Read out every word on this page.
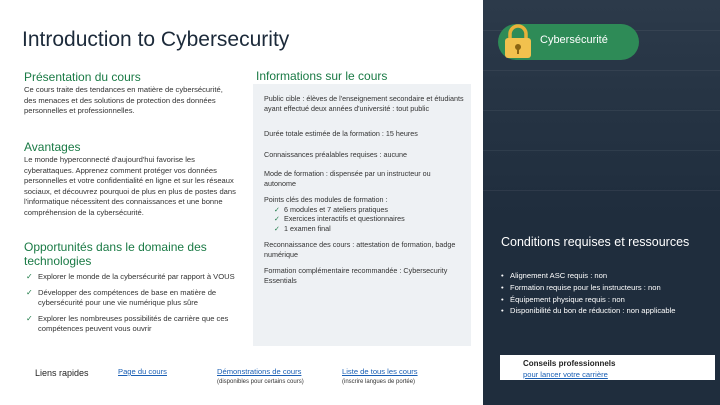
Introduction to Cybersecurity
Présentation du cours
Ce cours traite des tendances en matière de cybersécurité, des menaces et des solutions de protection des données personnelles et professionnelles.
Avantages
Le monde hyperconnecté d'aujourd'hui favorise les cyberattaques. Apprenez comment protéger vos données personnelles et votre confidentialité en ligne et sur les réseaux sociaux, et découvrez pourquoi de plus en plus de postes dans l'informatique nécessitent des connaissances et une bonne compréhension de la cybersécurité.
Opportunités dans le domaine des technologies
✓ Explorer le monde de la cybersécurité par rapport à VOUS
✓ Développer des compétences de base en matière de cybersécurité pour une vie numérique plus sûre
✓ Explorer les nombreuses possibilités de carrière que ces compétences peuvent vous ouvrir
Informations sur le cours
Public cible : élèves de l'enseignement secondaire et étudiants ayant effectué deux années d'université : tout public
Durée totale estimée de la formation : 15 heures
Connaissances préalables requises : aucune
Mode de formation : dispensée par un instructeur ou autonome
Points clés des modules de formation :
✓ 6 modules et 7 ateliers pratiques
✓ Exercices interactifs et questionnaires
✓ 1 examen final
Reconnaissance des cours : attestation de formation, badge numérique
Formation complémentaire recommandée : Cybersecurity Essentials
Cybersécurité
Conditions requises et ressources
• Alignement ASC requis : non
• Formation requise pour les instructeurs : non
• Équipement physique requis : non
• Disponibilité du bon de réduction : non applicable
Conseils professionnels
pour lancer votre carrière
Liens rapides	Page du cours	Démonstrations de cours
(disponibles pour certains cours)
Liste de tous les cours
(inscrire langues de portée)
